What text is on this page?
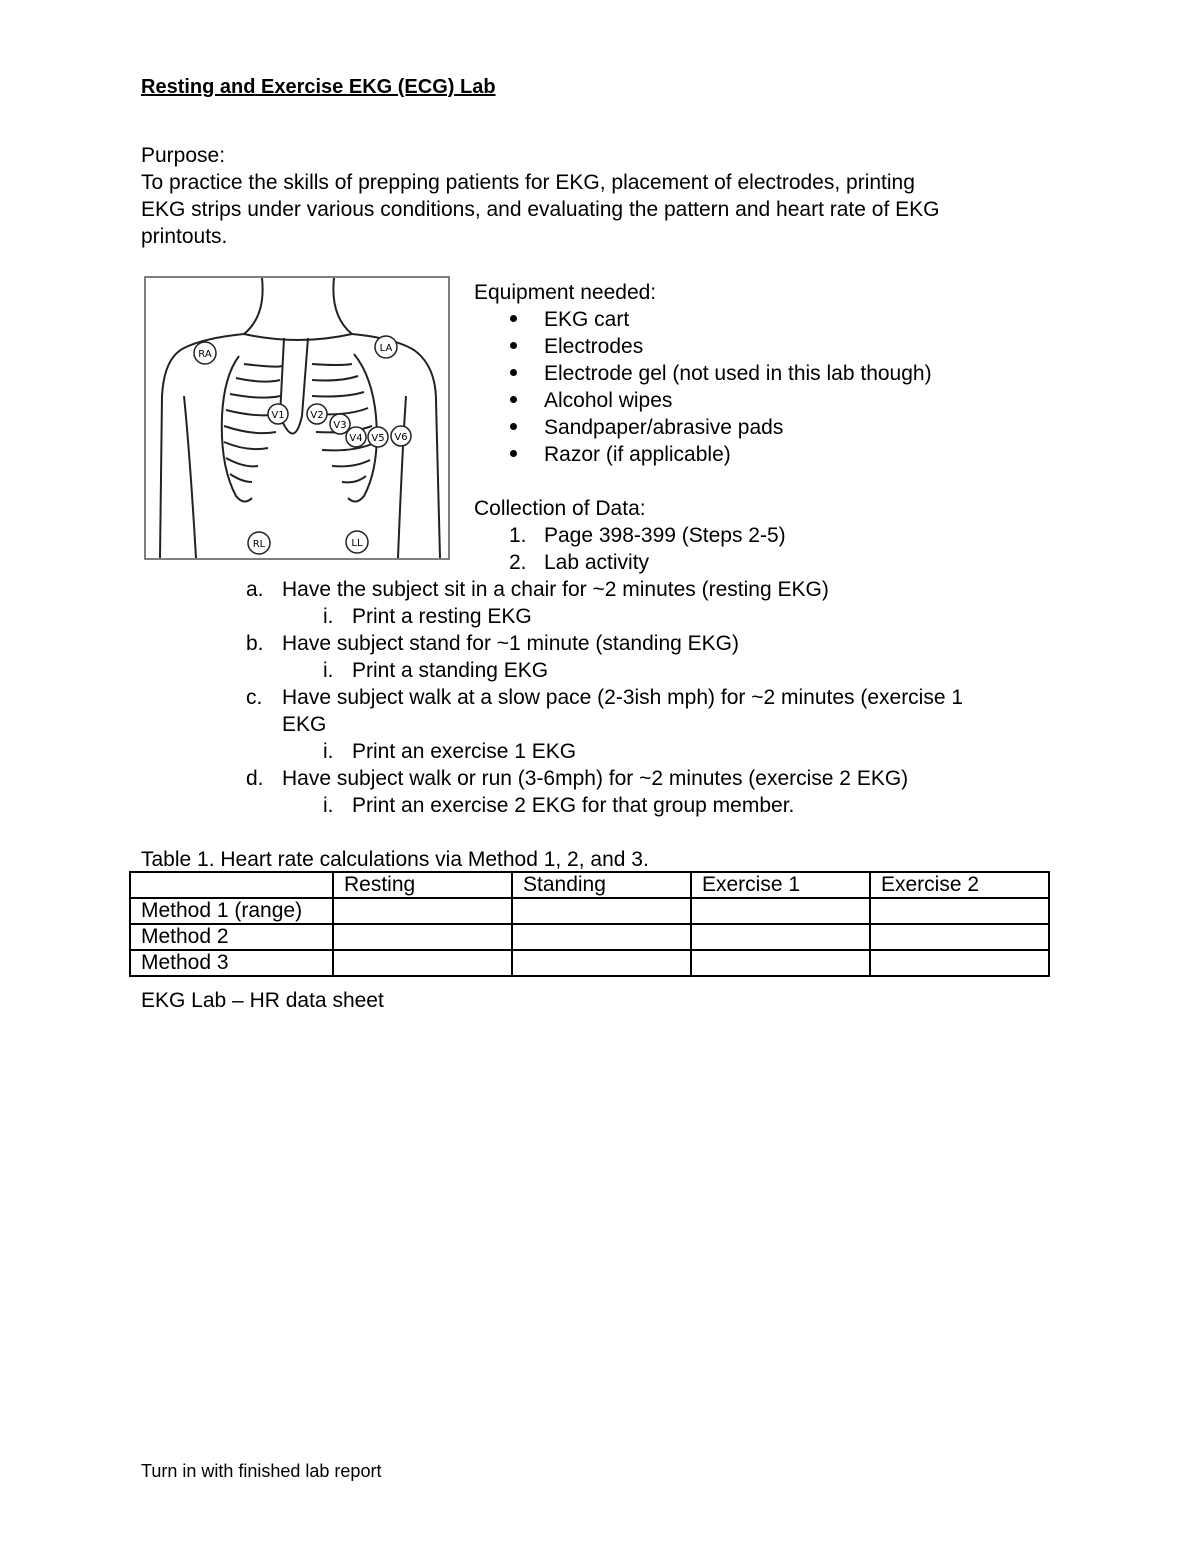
Resting and Exercise EKG (ECG) Lab
Purpose:
To practice the skills of prepping patients for EKG, placement of electrodes, printing
EKG strips under various conditions, and evaluating the pattern and heart rate of EKG
printouts.
RA
LA
V1	V2
V3
V4 V5 V6
RL	LL
Equipment needed:
EKG cart
Electrodes
Electrode gel (not used in this lab though)
Alcohol wipes
Sandpaper/abrasive pads
Razor (if applicable)
Collection of Data:
1. Page 398-399 (Steps 2-5)
2. Lab activity
a. Have the subject sit in a chair for ~2 minutes (resting EKG)
i. Print a resting EKG
b. Have subject stand for ~1 minute (standing EKG)
i. Print a standing EKG
c. Have subject walk at a slow pace (2-3ish mph) for ~2 minutes (exercise 1
EKG
i. Print an exercise 1 EKG
d. Have subject walk or run (3-6mph) for ~2 minutes (exercise 2 EKG)
i. Print an exercise 2 EKG for that group member.
Table 1. Heart rate calculations via Method 1, 2, and 3.
	Resting	Standing	Exercise 1	Exercise 2
Method 1 (range)				
Method 2				
Method 3				
EKG Lab – HR data sheet
Turn in with finished lab report
